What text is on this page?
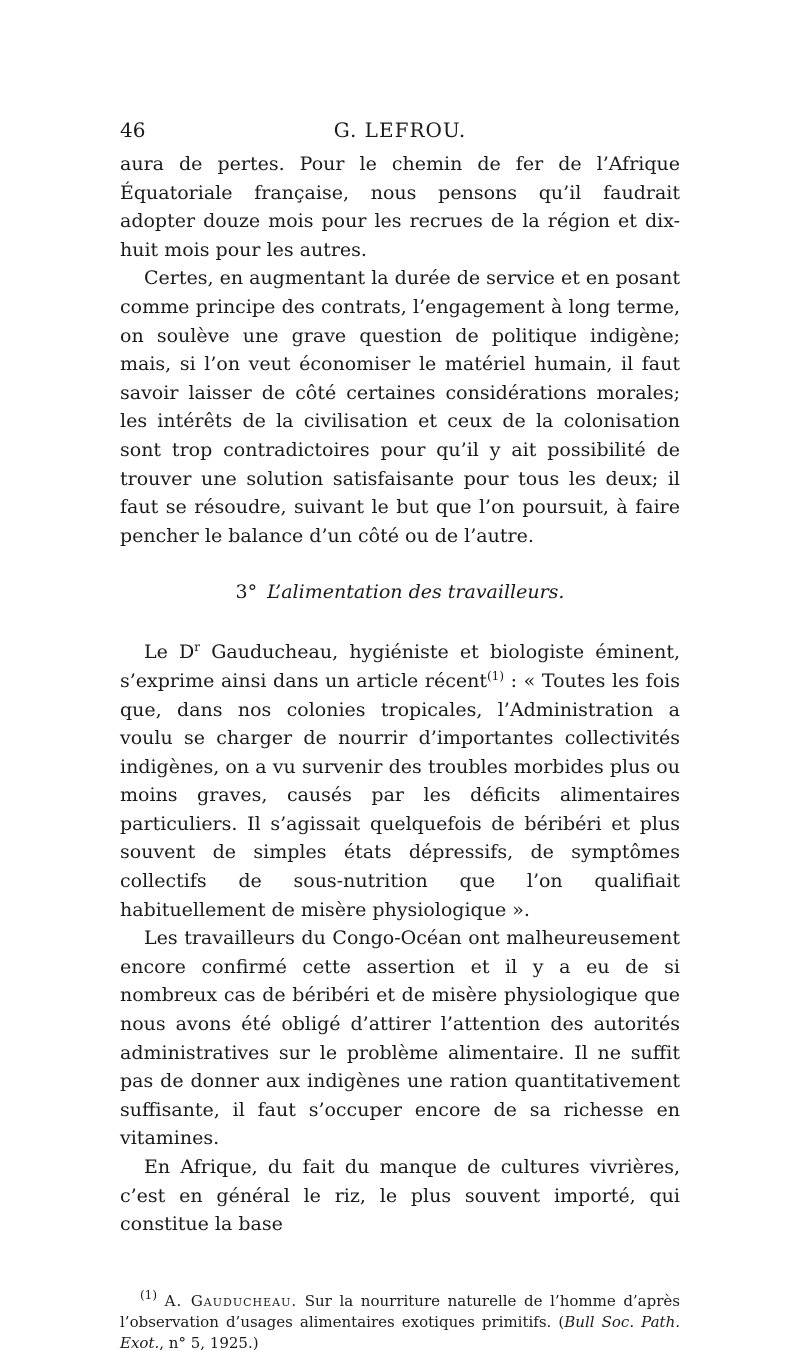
46	G. LEFROU.

aura de pertes. Pour le chemin de fer de l’Afrique Équatoriale française, nous pensons qu’il faudrait adopter douze mois pour les recrues de la région et dix-huit mois pour les autres.

Certes, en augmentant la durée de service et en posant comme principe des contrats, l’engagement à long terme, on soulève une grave question de politique indigène; mais, si l’on veut économiser le matériel humain, il faut savoir laisser de côté certaines considérations morales; les intérêts de la civilisation et ceux de la colonisation sont trop contradictoires pour qu’il y ait possibilité de trouver une solution satisfaisante pour tous les deux; il faut se résoudre, suivant le but que l’on poursuit, à faire pencher le balance d’un côté ou de l’autre.

3° L’alimentation des travailleurs.

Le $D^r$ Gauducheau, hygiéniste et biologiste éminent, s’exprime ainsi dans un article récent$^{(1)}$ : « Toutes les fois que, dans nos colonies tropicales, l’Administration a voulu se charger de nourrir d’importantes collectivités indigènes, on a vu survenir des troubles morbides plus ou moins graves, causés par les déficits alimentaires particuliers. Il s’agissait quelquefois de béribéri et plus souvent de simples états dépressifs, de symptômes collectifs de sous-nutrition que l’on qualifiait habituellement de misère physiologique ».

Les travailleurs du Congo-Océan ont malheureusement encore confirmé cette assertion et il y a eu de si nombreux cas de béribéri et de misère physiologique que nous avons été obligé d’attirer l’attention des autorités administratives sur le problème alimentaire. Il ne suffit pas de donner aux indigènes une ration quantitativement suffisante, il faut s’occuper encore de sa richesse en vitamines.

En Afrique, du fait du manque de cultures vivrières, c’est en général le riz, le plus souvent importé, qui constitue la base

$^{(1)}$ A. Gauducheau. Sur la nourriture naturelle de l’homme d’après l’observation d’usages alimentaires exotiques primitifs. (Bull Soc. Path. Exot., n° 5, 1925.)
